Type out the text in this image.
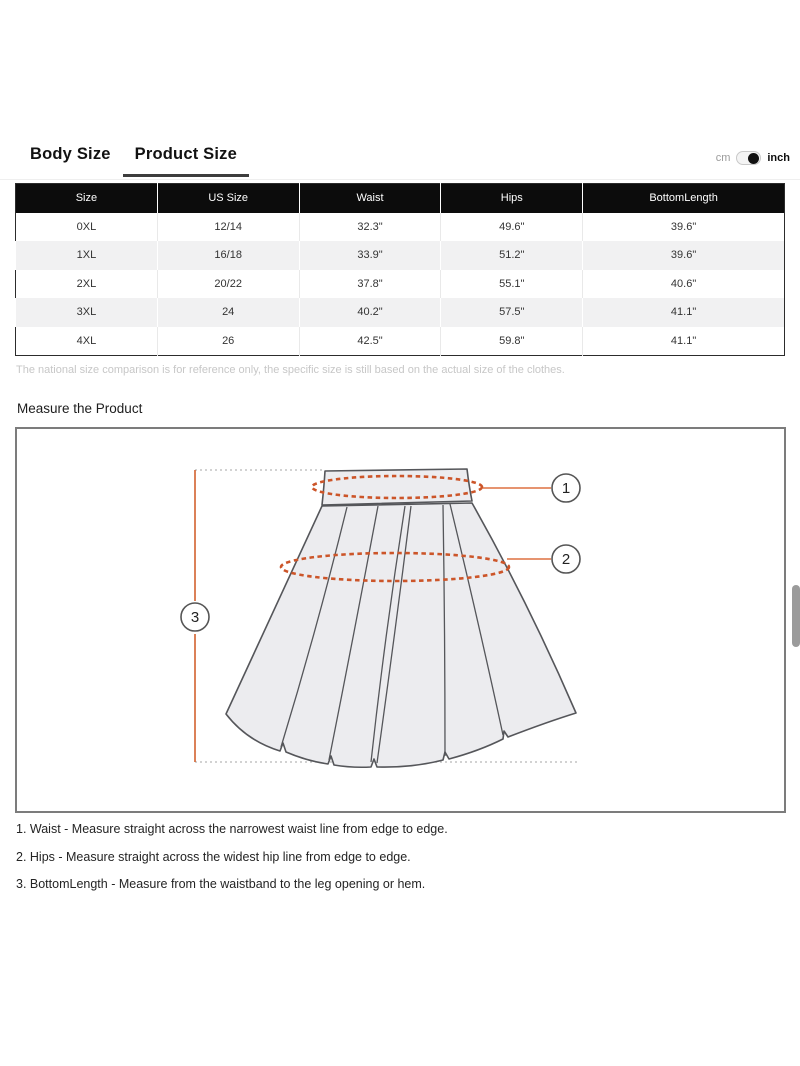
Body Size	Product Size	cm	inch
Size	US Size	Waist	Hips	BottomLength
0XL	12/14	32.3"	49.6"	39.6"
1XL	16/18	33.9"	51.2"	39.6"
2XL	20/22	37.8"	55.1"	40.6"
3XL	24	40.2"	57.5"	41.1"
4XL	26	42.5"	59.8"	41.1"
The national size comparison is for reference only, the specific size is still based on the actual size of the clothes.
Measure the Product
1
2
3
1. Waist - Measure straight across the narrowest waist line from edge to edge.
2. Hips - Measure straight across the widest hip line from edge to edge.
3. BottomLength - Measure from the waistband to the leg opening or hem.
